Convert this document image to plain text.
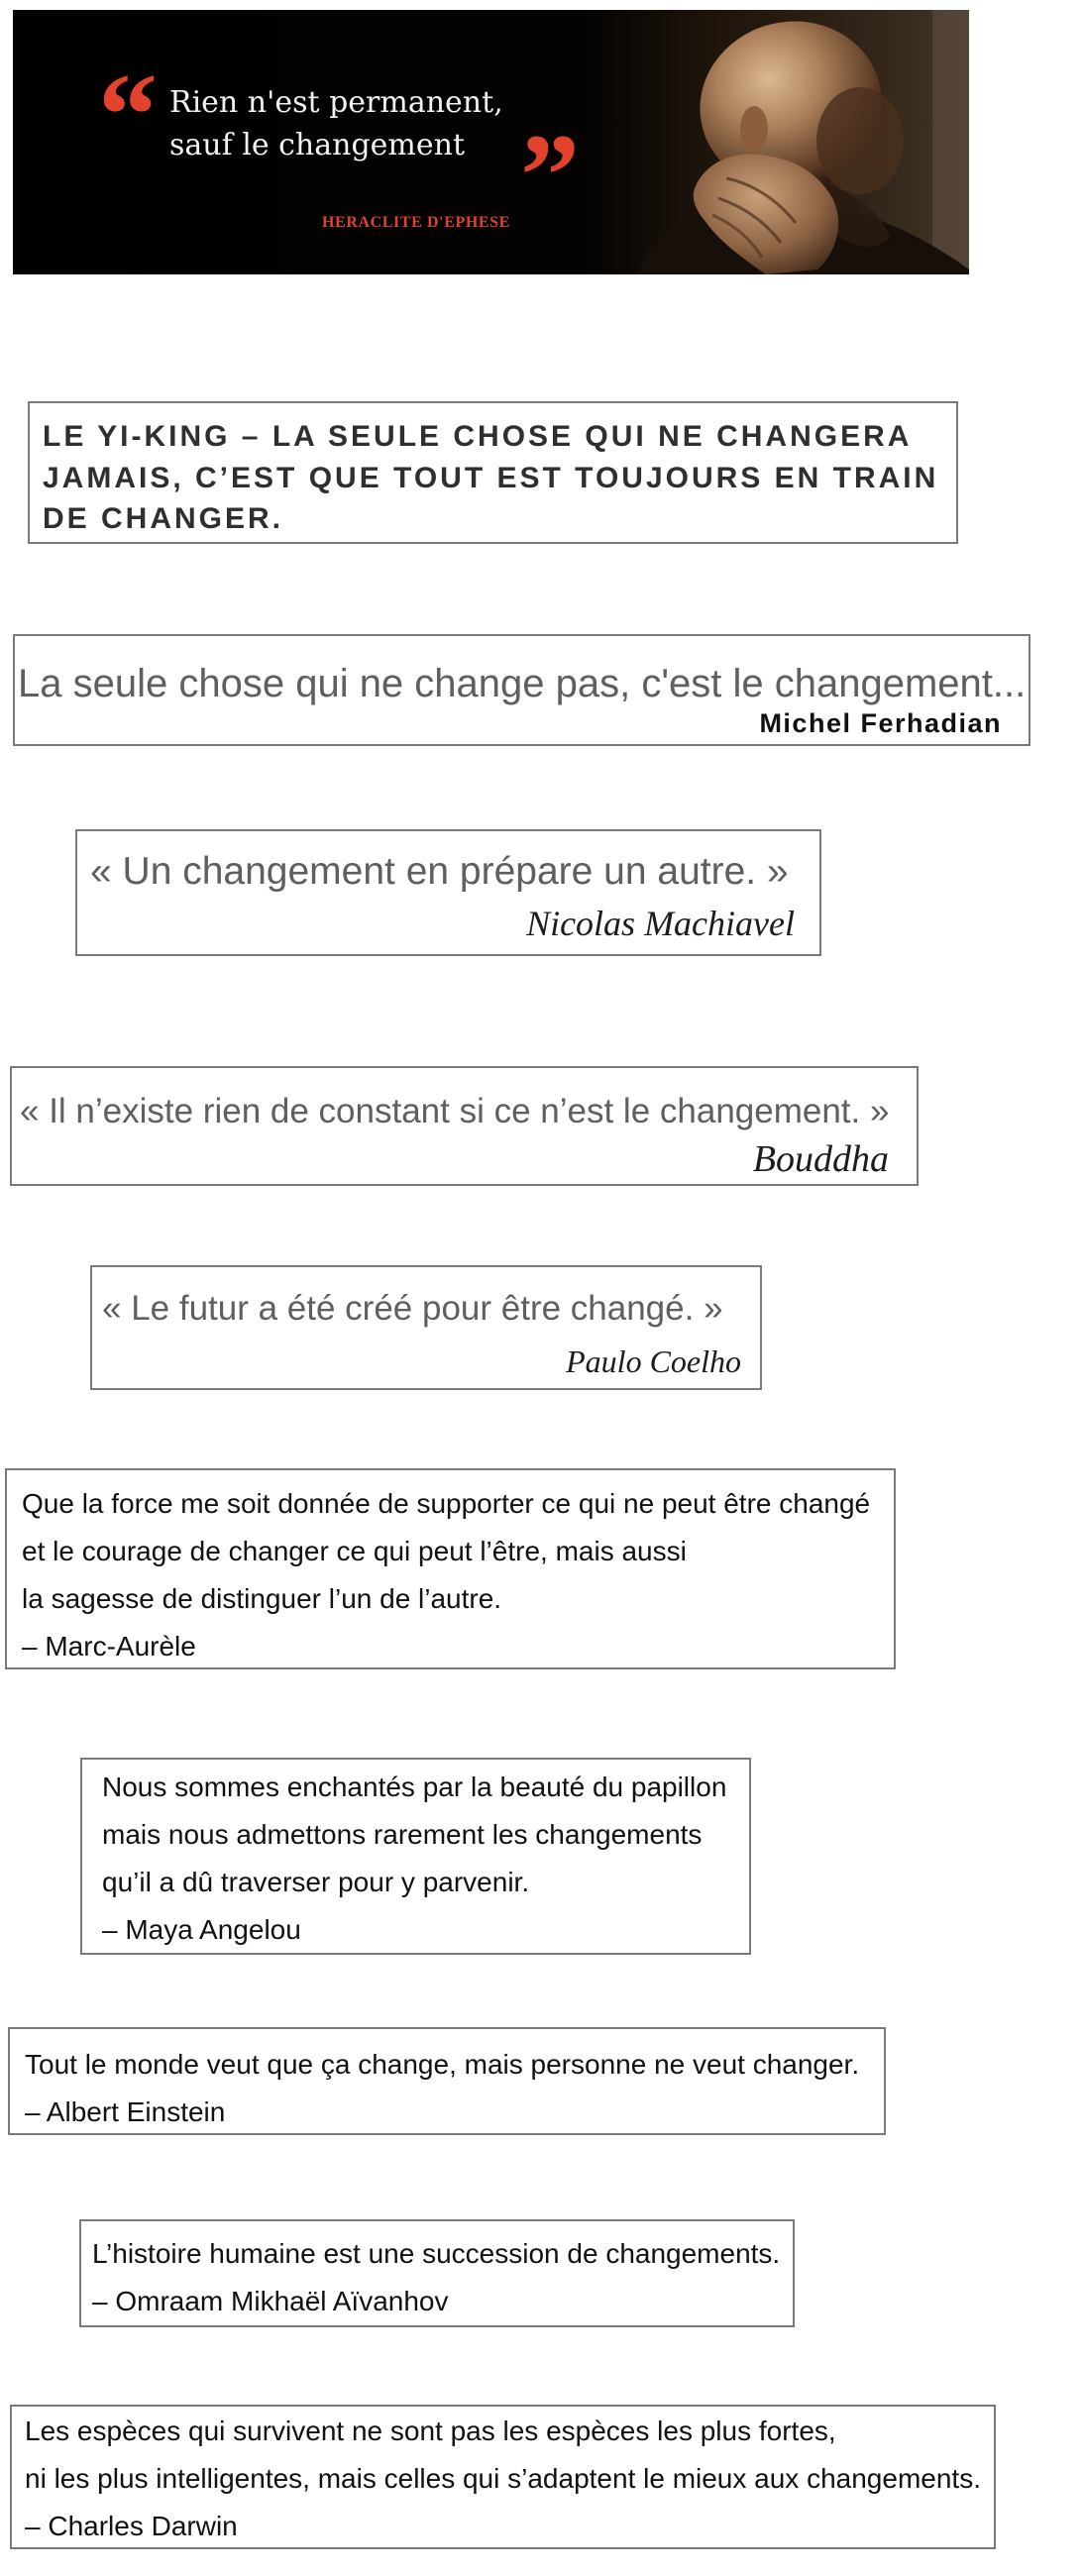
“ Rien n'est permanent,
sauf le changement ”
HERACLITE D'EPHESE
LE YI-KING – LA SEULE CHOSE QUI NE CHANGERA
JAMAIS, C’EST QUE TOUT EST TOUJOURS EN TRAIN
DE CHANGER.
La seule chose qui ne change pas, c'est le changement...
Michel Ferhadian
« Un changement en prépare un autre. »
Nicolas Machiavel
« Il n’existe rien de constant si ce n’est le changement. »
Bouddha
« Le futur a été créé pour être changé. »
Paulo Coelho
Que la force me soit donnée de supporter ce qui ne peut être changé
et le courage de changer ce qui peut l’être, mais aussi
la sagesse de distinguer l’un de l’autre.
– Marc-Aurèle
Nous sommes enchantés par la beauté du papillon
mais nous admettons rarement les changements
qu’il a dû traverser pour y parvenir.
– Maya Angelou
Tout le monde veut que ça change, mais personne ne veut changer.
– Albert Einstein
L’histoire humaine est une succession de changements.
– Omraam Mikhaël Aïvanhov
Les espèces qui survivent ne sont pas les espèces les plus fortes,
ni les plus intelligentes, mais celles qui s’adaptent le mieux aux changements.
– Charles Darwin
